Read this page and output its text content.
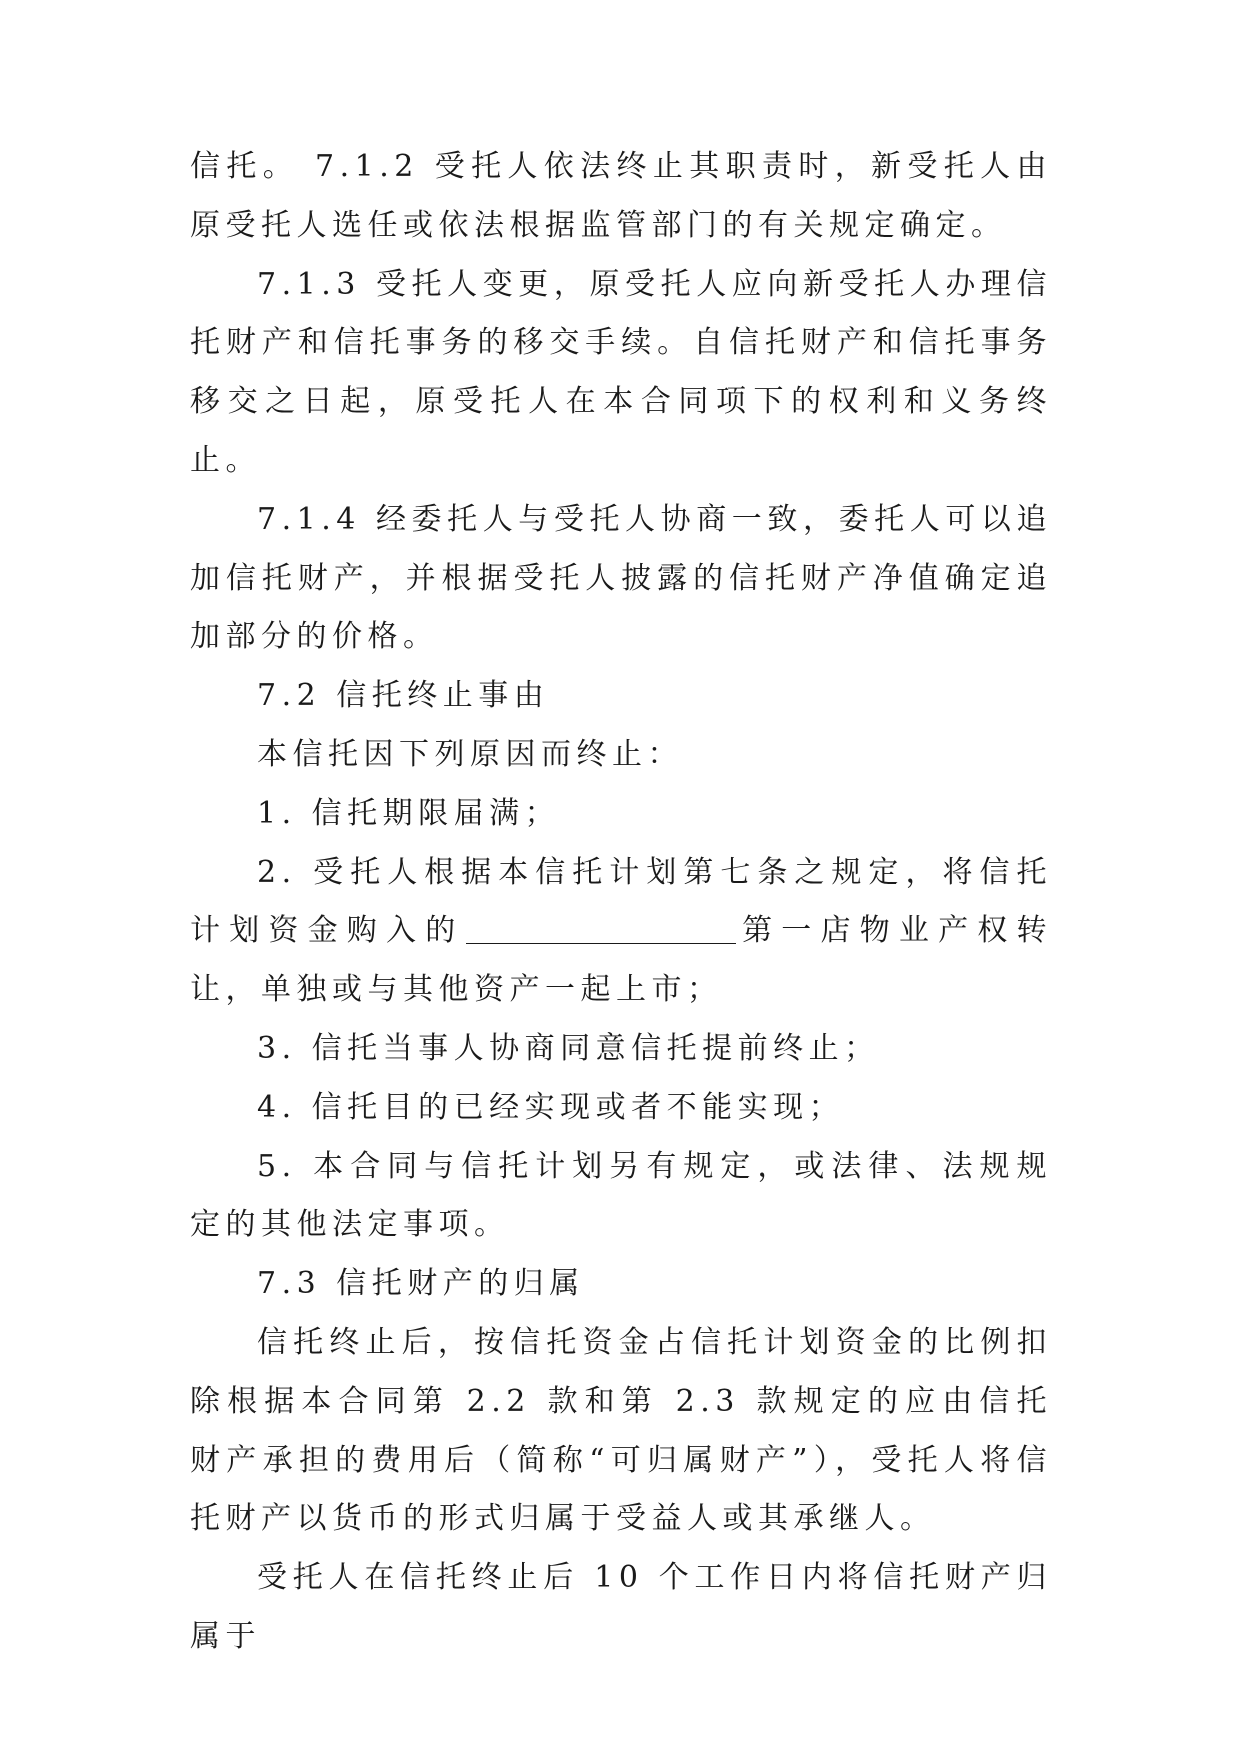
信托。 7.1.2 受托人依法终止其职责时，新受托人由原受托人选任或依法根据监管部门的有关规定确定。

7.1.3 受托人变更，原受托人应向新受托人办理信托财产和信托事务的移交手续。自信托财产和信托事务移交之日起，原受托人在本合同项下的权利和义务终止。

7.1.4 经委托人与受托人协商一致，委托人可以追加信托财产，并根据受托人披露的信托财产净值确定追加部分的价格。

7.2 信托终止事由

本信托因下列原因而终止：

1. 信托期限届满；

2. 受托人根据本信托计划第七条之规定，将信托计划资金购入的	第一店物业产权转让，单独或与其他资产一起上市；

3. 信托当事人协商同意信托提前终止；

4. 信托目的已经实现或者不能实现；

5. 本合同与信托计划另有规定，或法律、法规规定的其他法定事项。

7.3 信托财产的归属

信托终止后，按信托资金占信托计划资金的比例扣除根据本合同第 2.2 款和第 2.3 款规定的应由信托财产承担的费用后（简称“可归属财产”），受托人将信托财产以货币的形式归属于受益人或其承继人。

受托人在信托终止后 10 个工作日内将信托财产归属于
